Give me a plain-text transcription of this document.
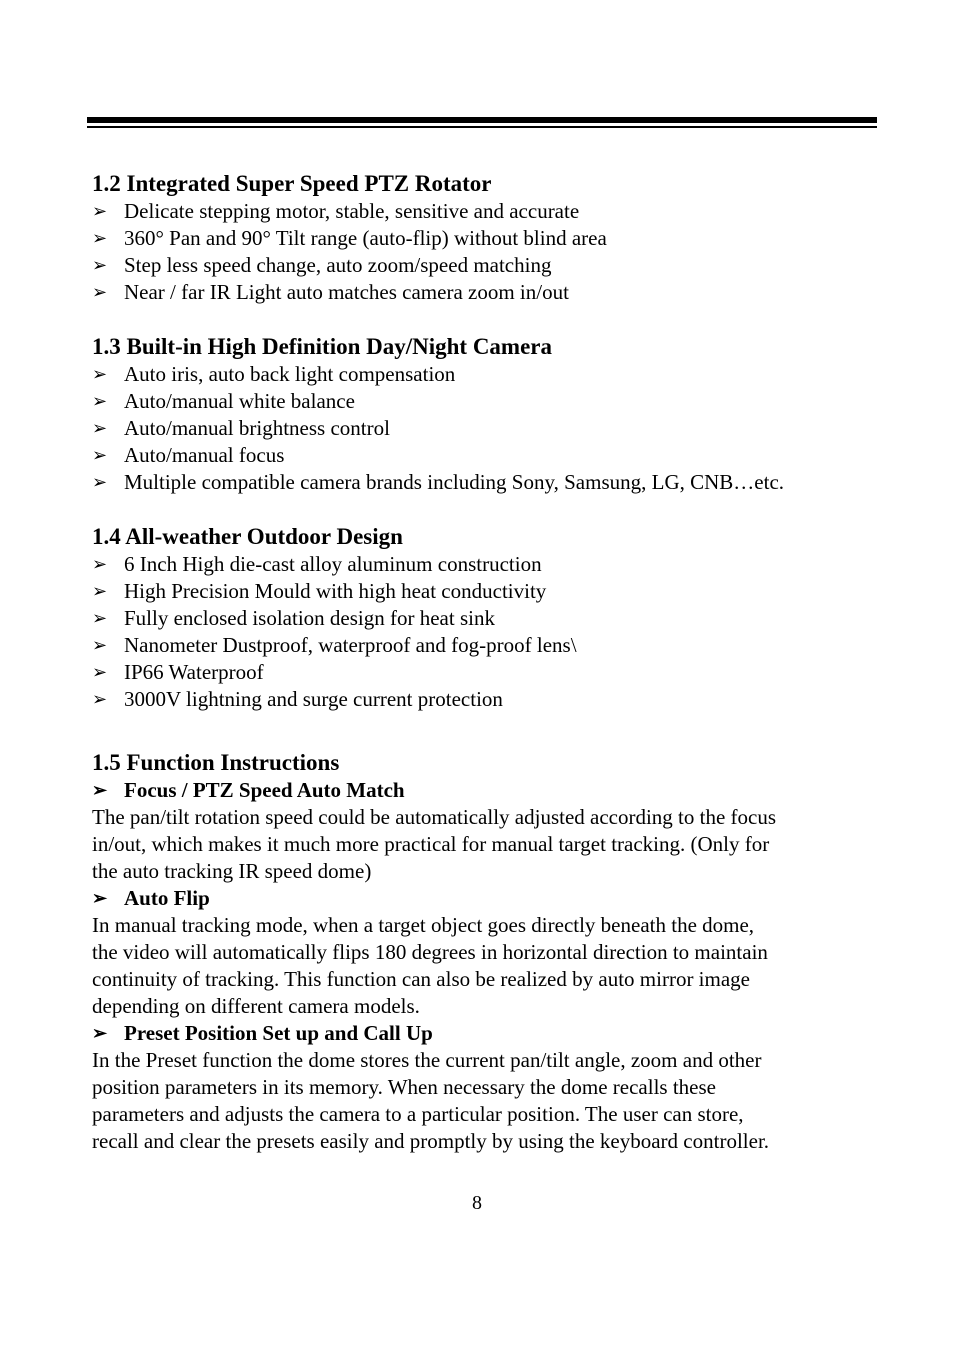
1.2 Integrated Super Speed PTZ Rotator
➢ Delicate stepping motor, stable, sensitive and accurate
➢ 360° Pan and 90° Tilt range (auto-flip) without blind area
➢ Step less speed change, auto zoom/speed matching
➢ Near / far IR Light auto matches camera zoom in/out
1.3 Built-in High Definition Day/Night Camera
➢ Auto iris, auto back light compensation
➢ Auto/manual white balance
➢ Auto/manual brightness control
➢ Auto/manual focus
➢ Multiple compatible camera brands including Sony, Samsung, LG, CNB…etc.
1.4 All-weather Outdoor Design
➢ 6 Inch High die-cast alloy aluminum construction
➢ High Precision Mould with high heat conductivity
➢ Fully enclosed isolation design for heat sink
➢ Nanometer Dustproof, waterproof and fog-proof lens\
➢ IP66 Waterproof
➢ 3000V lightning and surge current protection
1.5 Function Instructions
➢ Focus / PTZ Speed Auto Match

The pan/tilt rotation speed could be automatically adjusted according to the focus
in/out, which makes it much more practical for manual target tracking. (Only for
the auto tracking IR speed dome)

➢ Auto Flip

In manual tracking mode, when a target object goes directly beneath the dome,
the video will automatically flips 180 degrees in horizontal direction to maintain
continuity of tracking. This function can also be realized by auto mirror image
depending on different camera models.

➢ Preset Position Set up and Call Up

In the Preset function the dome stores the current pan/tilt angle, zoom and other
position parameters in its memory. When necessary the dome recalls these
parameters and adjusts the camera to a particular position. The user can store,
recall and clear the presets easily and promptly by using the keyboard controller.

8
